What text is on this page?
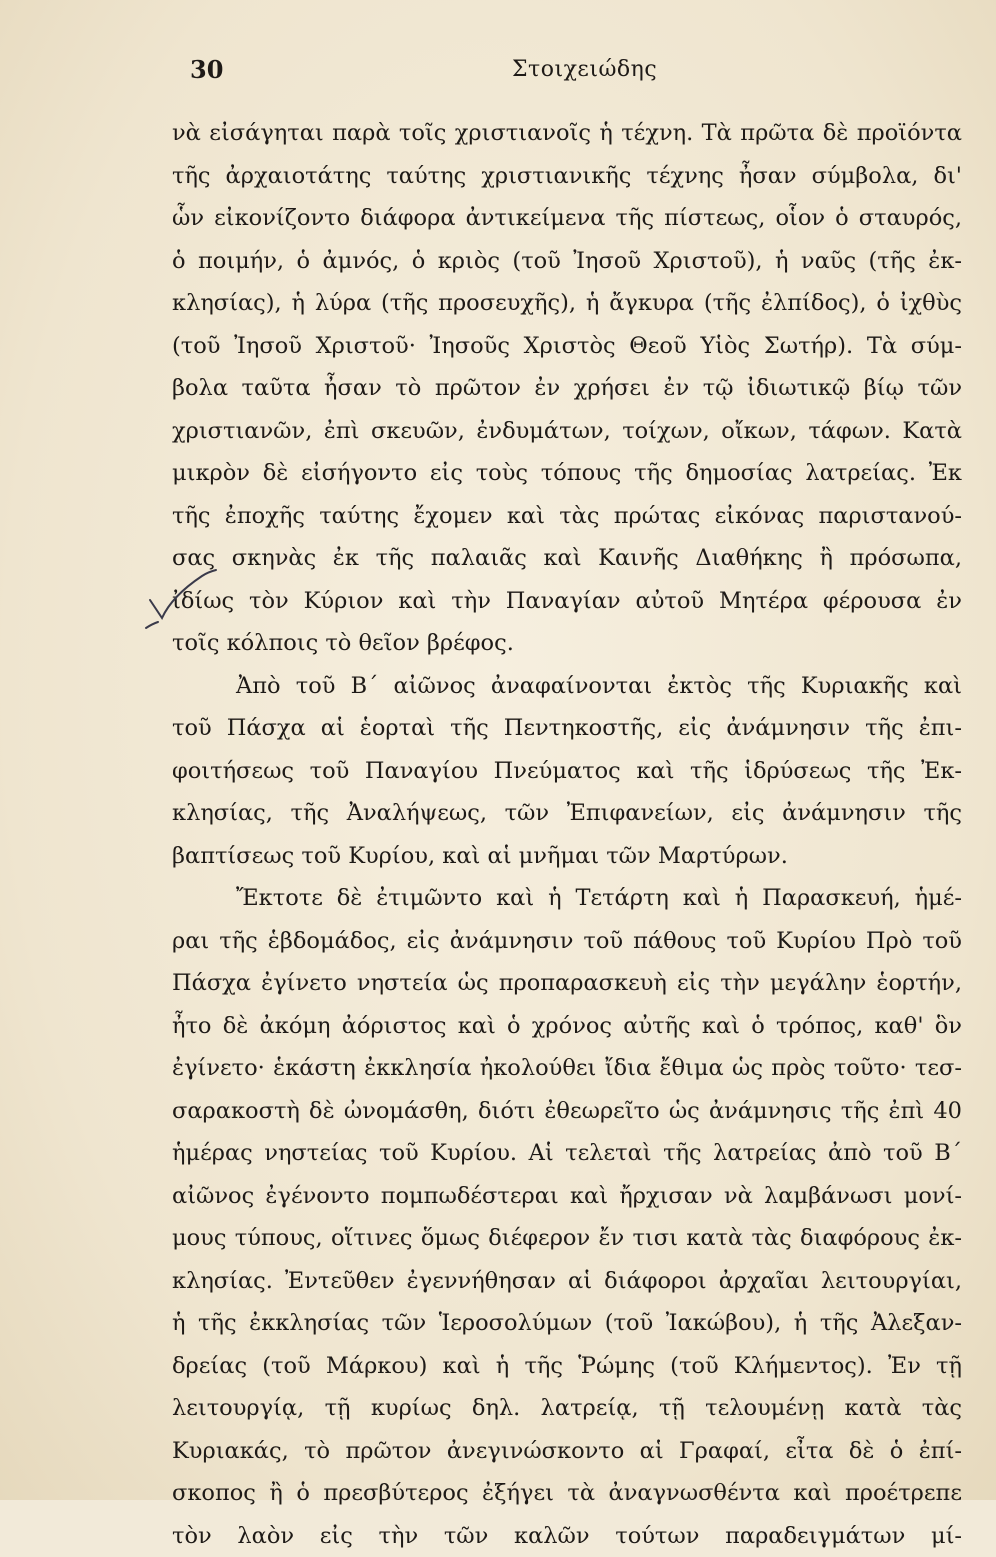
30	Στοιχειώδης
νὰ εἰσάγηται παρὰ τοῖς χριστιανοῖς ἡ τέχνη. Τὰ πρῶτα δὲ προϊόντα
τῆς ἀρχαιοτάτης ταύτης χριστιανικῆς τέχνης ἦσαν σύμβολα, δι'
ὧν εἰκονίζοντο διάφορα ἀντικείμενα τῆς πίστεως, οἷον ὁ σταυρός,
ὁ ποιμήν, ὁ ἀμνός, ὁ κριὸς (τοῦ Ἰησοῦ Χριστοῦ), ἡ ναῦς (τῆς ἐκ-
κλησίας), ἡ λύρα (τῆς προσευχῆς), ἡ ἄγκυρα (τῆς ἐλπίδος), ὁ ἰχθὺς
(τοῦ Ἰησοῦ Χριστοῦ· Ἰησοῦς Χριστὸς Θεοῦ Υἱὸς Σωτήρ). Τὰ σύμ-
βολα ταῦτα ἦσαν τὸ πρῶτον ἐν χρήσει ἐν τῷ ἰδιωτικῷ βίῳ τῶν
χριστιανῶν, ἐπὶ σκευῶν, ἐνδυμάτων, τοίχων, οἴκων, τάφων. Κατὰ
μικρὸν δὲ εἰσήγοντο εἰς τοὺς τόπους τῆς δημοσίας λατρείας. Ἐκ
τῆς ἐποχῆς ταύτης ἔχομεν καὶ τὰς πρώτας εἰκόνας παριστανού-
σας σκηνὰς ἐκ τῆς παλαιᾶς καὶ Καινῆς Διαθήκης ἢ πρόσωπα,
ἰδίως τὸν Κύριον καὶ τὴν Παναγίαν αὐτοῦ Μητέρα φέρουσα ἐν
τοῖς κόλποις τὸ θεῖον βρέφος.
Ἀπὸ τοῦ Β΄ αἰῶνος ἀναφαίνονται ἐκτὸς τῆς Κυριακῆς καὶ
τοῦ Πάσχα αἱ ἑορταὶ τῆς Πεντηκοστῆς, εἰς ἀνάμνησιν τῆς ἐπι-
φοιτήσεως τοῦ Παναγίου Πνεύματος καὶ τῆς ἱδρύσεως τῆς Ἐκ-
κλησίας, τῆς Ἀναλήψεως, τῶν Ἐπιφανείων, εἰς ἀνάμνησιν τῆς
βαπτίσεως τοῦ Κυρίου, καὶ αἱ μνῆμαι τῶν Μαρτύρων.
Ἔκτοτε δὲ ἐτιμῶντο καὶ ἡ Τετάρτη καὶ ἡ Παρασκευή, ἡμέ-
ραι τῆς ἑβδομάδος, εἰς ἀνάμνησιν τοῦ πάθους τοῦ Κυρίου Πρὸ τοῦ
Πάσχα ἐγίνετο νηστεία ὡς προπαρασκευὴ εἰς τὴν μεγάλην ἑορτήν,
ἦτο δὲ ἀκόμη ἀόριστος καὶ ὁ χρόνος αὐτῆς καὶ ὁ τρόπος, καθ' ὃν
ἐγίνετο· ἑκάστη ἐκκλησία ἠκολούθει ἴδια ἔθιμα ὡς πρὸς τοῦτο· τεσ-
σαρακοστὴ δὲ ὠνομάσθη, διότι ἐθεωρεῖτο ὡς ἀνάμνησις τῆς ἐπὶ 40
ἡμέρας νηστείας τοῦ Κυρίου. Αἱ τελεταὶ τῆς λατρείας ἀπὸ τοῦ Β΄
αἰῶνος ἐγένοντο πομπωδέστεραι καὶ ἤρχισαν νὰ λαμβάνωσι μονί-
μους τύπους, οἵτινες ὅμως διέφερον ἔν τισι κατὰ τὰς διαφόρους ἐκ-
κλησίας. Ἐντεῦθεν ἐγεννήθησαν αἱ διάφοροι ἀρχαῖαι λειτουργίαι,
ἡ τῆς ἐκκλησίας τῶν Ἱεροσολύμων (τοῦ Ἰακώβου), ἡ τῆς Ἀλεξαν-
δρείας (τοῦ Μάρκου) καὶ ἡ τῆς Ῥώμης (τοῦ Κλήμεντος). Ἐν τῇ
λειτουργίᾳ, τῇ κυρίως δηλ. λατρείᾳ, τῇ τελουμένῃ κατὰ τὰς
Κυριακάς, τὸ πρῶτον ἀνεγινώσκοντο αἱ Γραφαί, εἶτα δὲ ὁ ἐπί-
σκοπος ἢ ὁ πρεσβύτερος ἐξήγει τὰ ἀναγνωσθέντα καὶ προέτρεπε
τὸν λαὸν εἰς τὴν τῶν καλῶν τούτων παραδειγμάτων μί-
